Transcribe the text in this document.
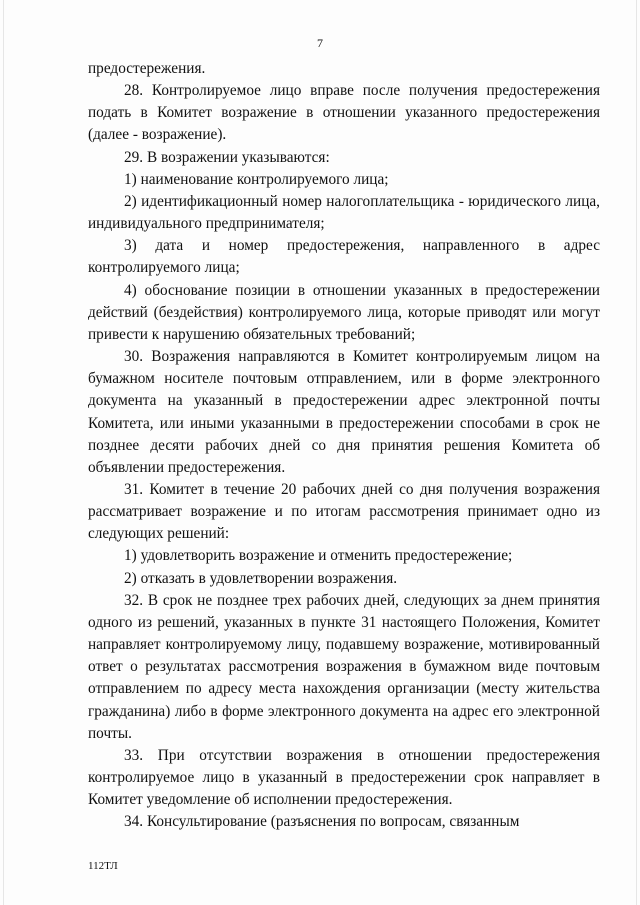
7

предостережения.

28. Контролируемое лицо вправе после получения предостережения подать в Комитет возражение в отношении указанного предостережения (далее - возражение).

29. В возражении указываются:

1) наименование контролируемого лица;

2) идентификационный номер налогоплательщика - юридического лица, индивидуального предпринимателя;

3) дата и номер предостережения, направленного в адрес контролируемого лица;

4) обоснование позиции в отношении указанных в предостережении действий (бездействия) контролируемого лица, которые приводят или могут привести к нарушению обязательных требований;

30. Возражения направляются в Комитет контролируемым лицом на бумажном носителе почтовым отправлением, или в форме электронного документа на указанный в предостережении адрес электронной почты Комитета, или иными указанными в предостережении способами в срок не позднее десяти рабочих дней со дня принятия решения Комитета об объявлении предостережения.

31. Комитет в течение 20 рабочих дней со дня получения возражения рассматривает возражение и по итогам рассмотрения принимает одно из следующих решений:

1) удовлетворить возражение и отменить предостережение;

2) отказать в удовлетворении возражения.

32. В срок не позднее трех рабочих дней, следующих за днем принятия одного из решений, указанных в пункте 31 настоящего Положения, Комитет направляет контролируемому лицу, подавшему возражение, мотивированный ответ о результатах рассмотрения возражения в бумажном виде почтовым отправлением по адресу места нахождения организации (месту жительства гражданина) либо в форме электронного документа на адрес его электронной почты.

33. При отсутствии возражения в отношении предостережения контролируемое лицо в указанный в предостережении срок направляет в Комитет уведомление об исполнении предостережения.

34. Консультирование (разъяснения по вопросам, связанным

112ТЛ
